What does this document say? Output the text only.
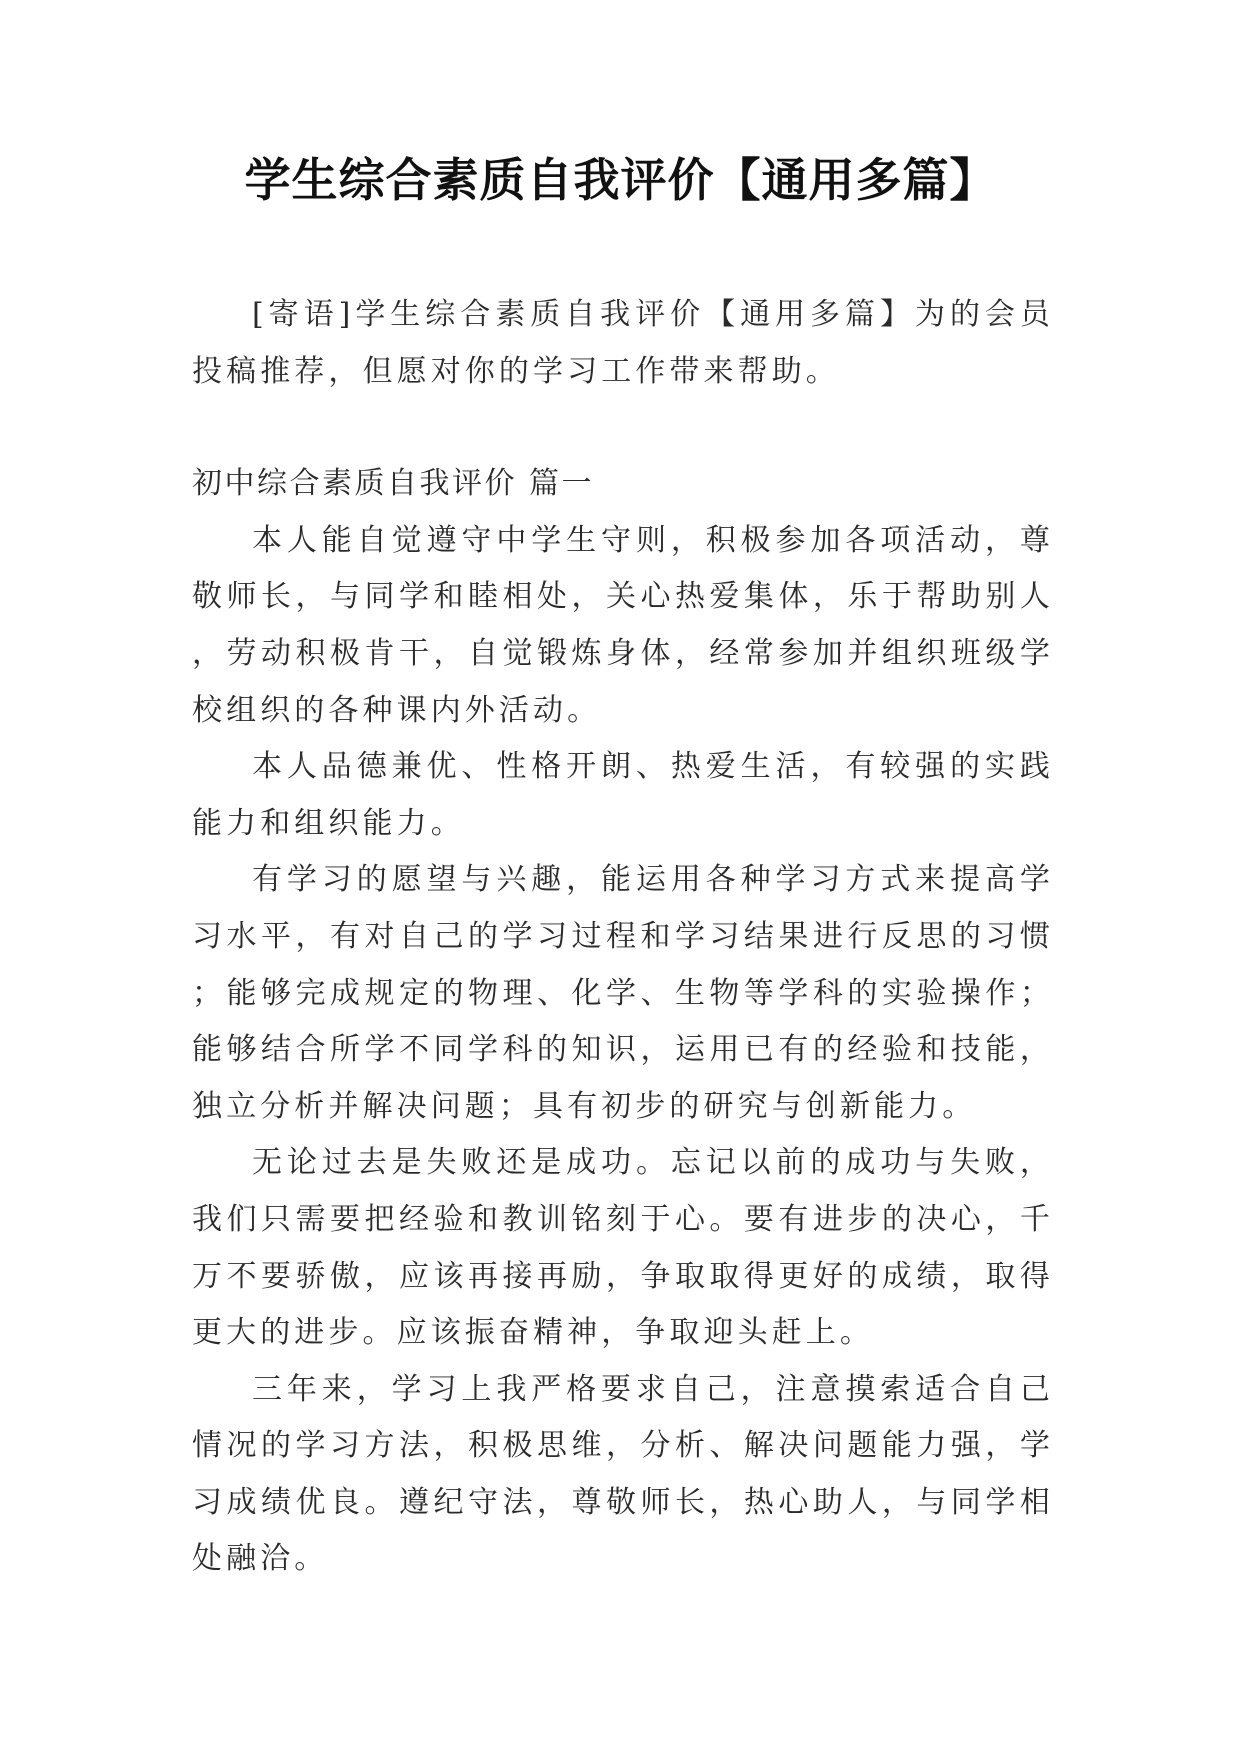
学生综合素质自我评价【通用多篇】

[寄语]学生综合素质自我评价【通用多篇】为的会员投稿推荐，但愿对你的学习工作带来帮助。

初中综合素质自我评价 篇一

本人能自觉遵守中学生守则，积极参加各项活动，尊敬师长，与同学和睦相处，关心热爱集体，乐于帮助别人，劳动积极肯干，自觉锻炼身体，经常参加并组织班级学校组织的各种课内外活动。

本人品德兼优、性格开朗、热爱生活，有较强的实践能力和组织能力。

有学习的愿望与兴趣，能运用各种学习方式来提高学习水平，有对自己的学习过程和学习结果进行反思的习惯；能够完成规定的物理、化学、生物等学科的实验操作；能够结合所学不同学科的知识，运用已有的经验和技能，独立分析并解决问题；具有初步的研究与创新能力。

无论过去是失败还是成功。忘记以前的成功与失败，我们只需要把经验和教训铭刻于心。要有进步的决心，千万不要骄傲，应该再接再励，争取取得更好的成绩，取得更大的进步。应该振奋精神，争取迎头赶上。

三年来，学习上我严格要求自己，注意摸索适合自己情况的学习方法，积极思维，分析、解决问题能力强，学习成绩优良。遵纪守法，尊敬师长，热心助人，与同学相处融洽。
